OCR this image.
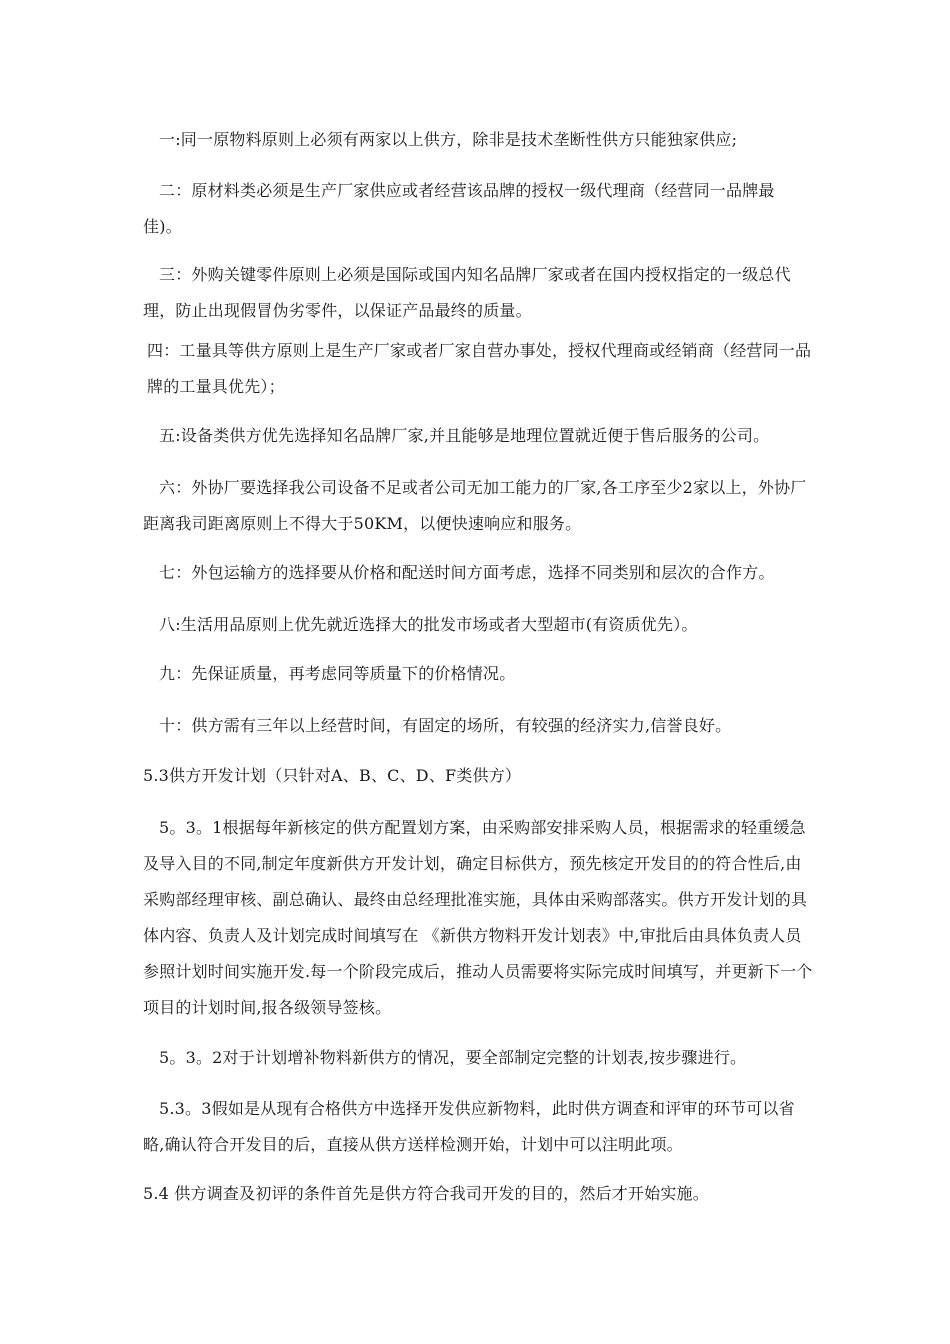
一:同一原物料原则上必须有两家以上供方，除非是技术垄断性供方只能独家供应;

二：原材料类必须是生产厂家供应或者经营该品牌的授权一级代理商（经营同一品牌最佳)。

三：外购关键零件原则上必须是国际或国内知名品牌厂家或者在国内授权指定的一级总代理，防止出现假冒伪劣零件，以保证产品最终的质量。

四：工量具等供方原则上是生产厂家或者厂家自营办事处，授权代理商或经销商（经营同一品牌的工量具优先）；

五:设备类供方优先选择知名品牌厂家,并且能够是地理位置就近便于售后服务的公司。

六：外协厂要选择我公司设备不足或者公司无加工能力的厂家,各工序至少2家以上，外协厂距离我司距离原则上不得大于50KM，以便快速响应和服务。

七：外包运输方的选择要从价格和配送时间方面考虑，选择不同类别和层次的合作方。

八:生活用品原则上优先就近选择大的批发市场或者大型超市(有资质优先）。

九：先保证质量，再考虑同等质量下的价格情况。

十：供方需有三年以上经营时间，有固定的场所，有较强的经济实力,信誉良好。

5.3供方开发计划（只针对A、B、C、D、F类供方）

5。3。1根据每年新核定的供方配置划方案，由采购部安排采购人员，根据需求的轻重缓急及导入目的不同,制定年度新供方开发计划，确定目标供方，预先核定开发目的的符合性后,由采购部经理审核、副总确认、最终由总经理批准实施，具体由采购部落实。供方开发计划的具体内容、负责人及计划完成时间填写在 《新供方物料开发计划表》中,审批后由具体负责人员参照计划时间实施开发.每一个阶段完成后，推动人员需要将实际完成时间填写，并更新下一个项目的计划时间,报各级领导签核。

5。3。2对于计划增补物料新供方的情况，要全部制定完整的计划表,按步骤进行。

5.3。3假如是从现有合格供方中选择开发供应新物料，此时供方调查和评审的环节可以省略,确认符合开发目的后，直接从供方送样检测开始，计划中可以注明此项。

5.4 供方调查及初评的条件首先是供方符合我司开发的目的，然后才开始实施。
